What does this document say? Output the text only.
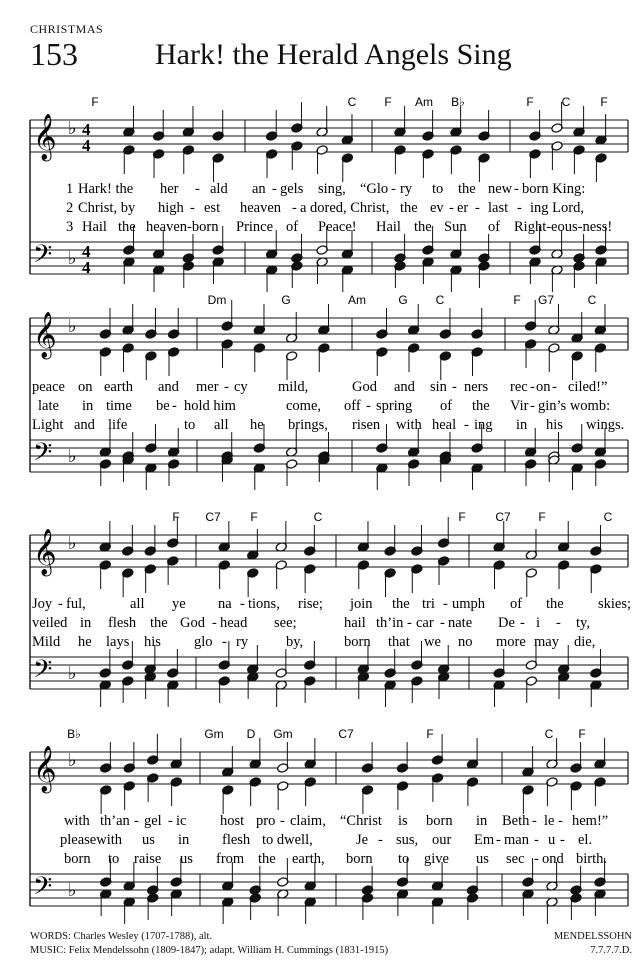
CHRISTMAS
153	Hark! the Herald Angels Sing
𝄞 ♭ 4
4
𝄢 ♭ 4
4
F	C F Am B♭	F C F
1 Hark! the her - ald an - gels sing, “Glo - ry to the new - born King:
2 Christ, by high - est heaven a
- dored, Christ, the ev - er - last - ing Lord,
3 Hail the heaven-born Prince of Peace! Hail the Sun of Right-eous-ness!
𝄞 ♭
𝄢 ♭
Dm	G	Am	G C	F G7	C
peace on earth and mer - cy mild,	God and sin - ners rec - on - ciled!”
late in time be - hold him	come, off - spring of the Vir - gin’s womb:
Light and life	to all he brings, risen with heal - ing in his wings.
𝄞 ♭
𝄢 ♭
F C7 F	C	F C7 F	C
Joy - ful,	all ye na - tions, rise; join the tri - umph of the skies;
veiled in flesh the God - head see;	hail th’in - car - nate De - i - ty,
Mild he lays his glo - ry	by,	born that we no more may die,
𝄞 ♭
𝄢 ♭
B♭	Gm D Gm	C7	F	C F
with th’an - gel - ic host pro - claim, “Christ is born in Beth - le - hem!”
pleasewith us in flesh to dwell,	Je - sus, our Em - man - u - el.
born to raise us from the earth, born to give us sec - ond birth.
WORDS: Charles Wesley (1707-1788), alt.
MUSIC: Felix Mendelssohn (1809-1847); adapt. William H. Cummings (1831-1915)
MENDELSSOHN
7.7.7.7.D.
